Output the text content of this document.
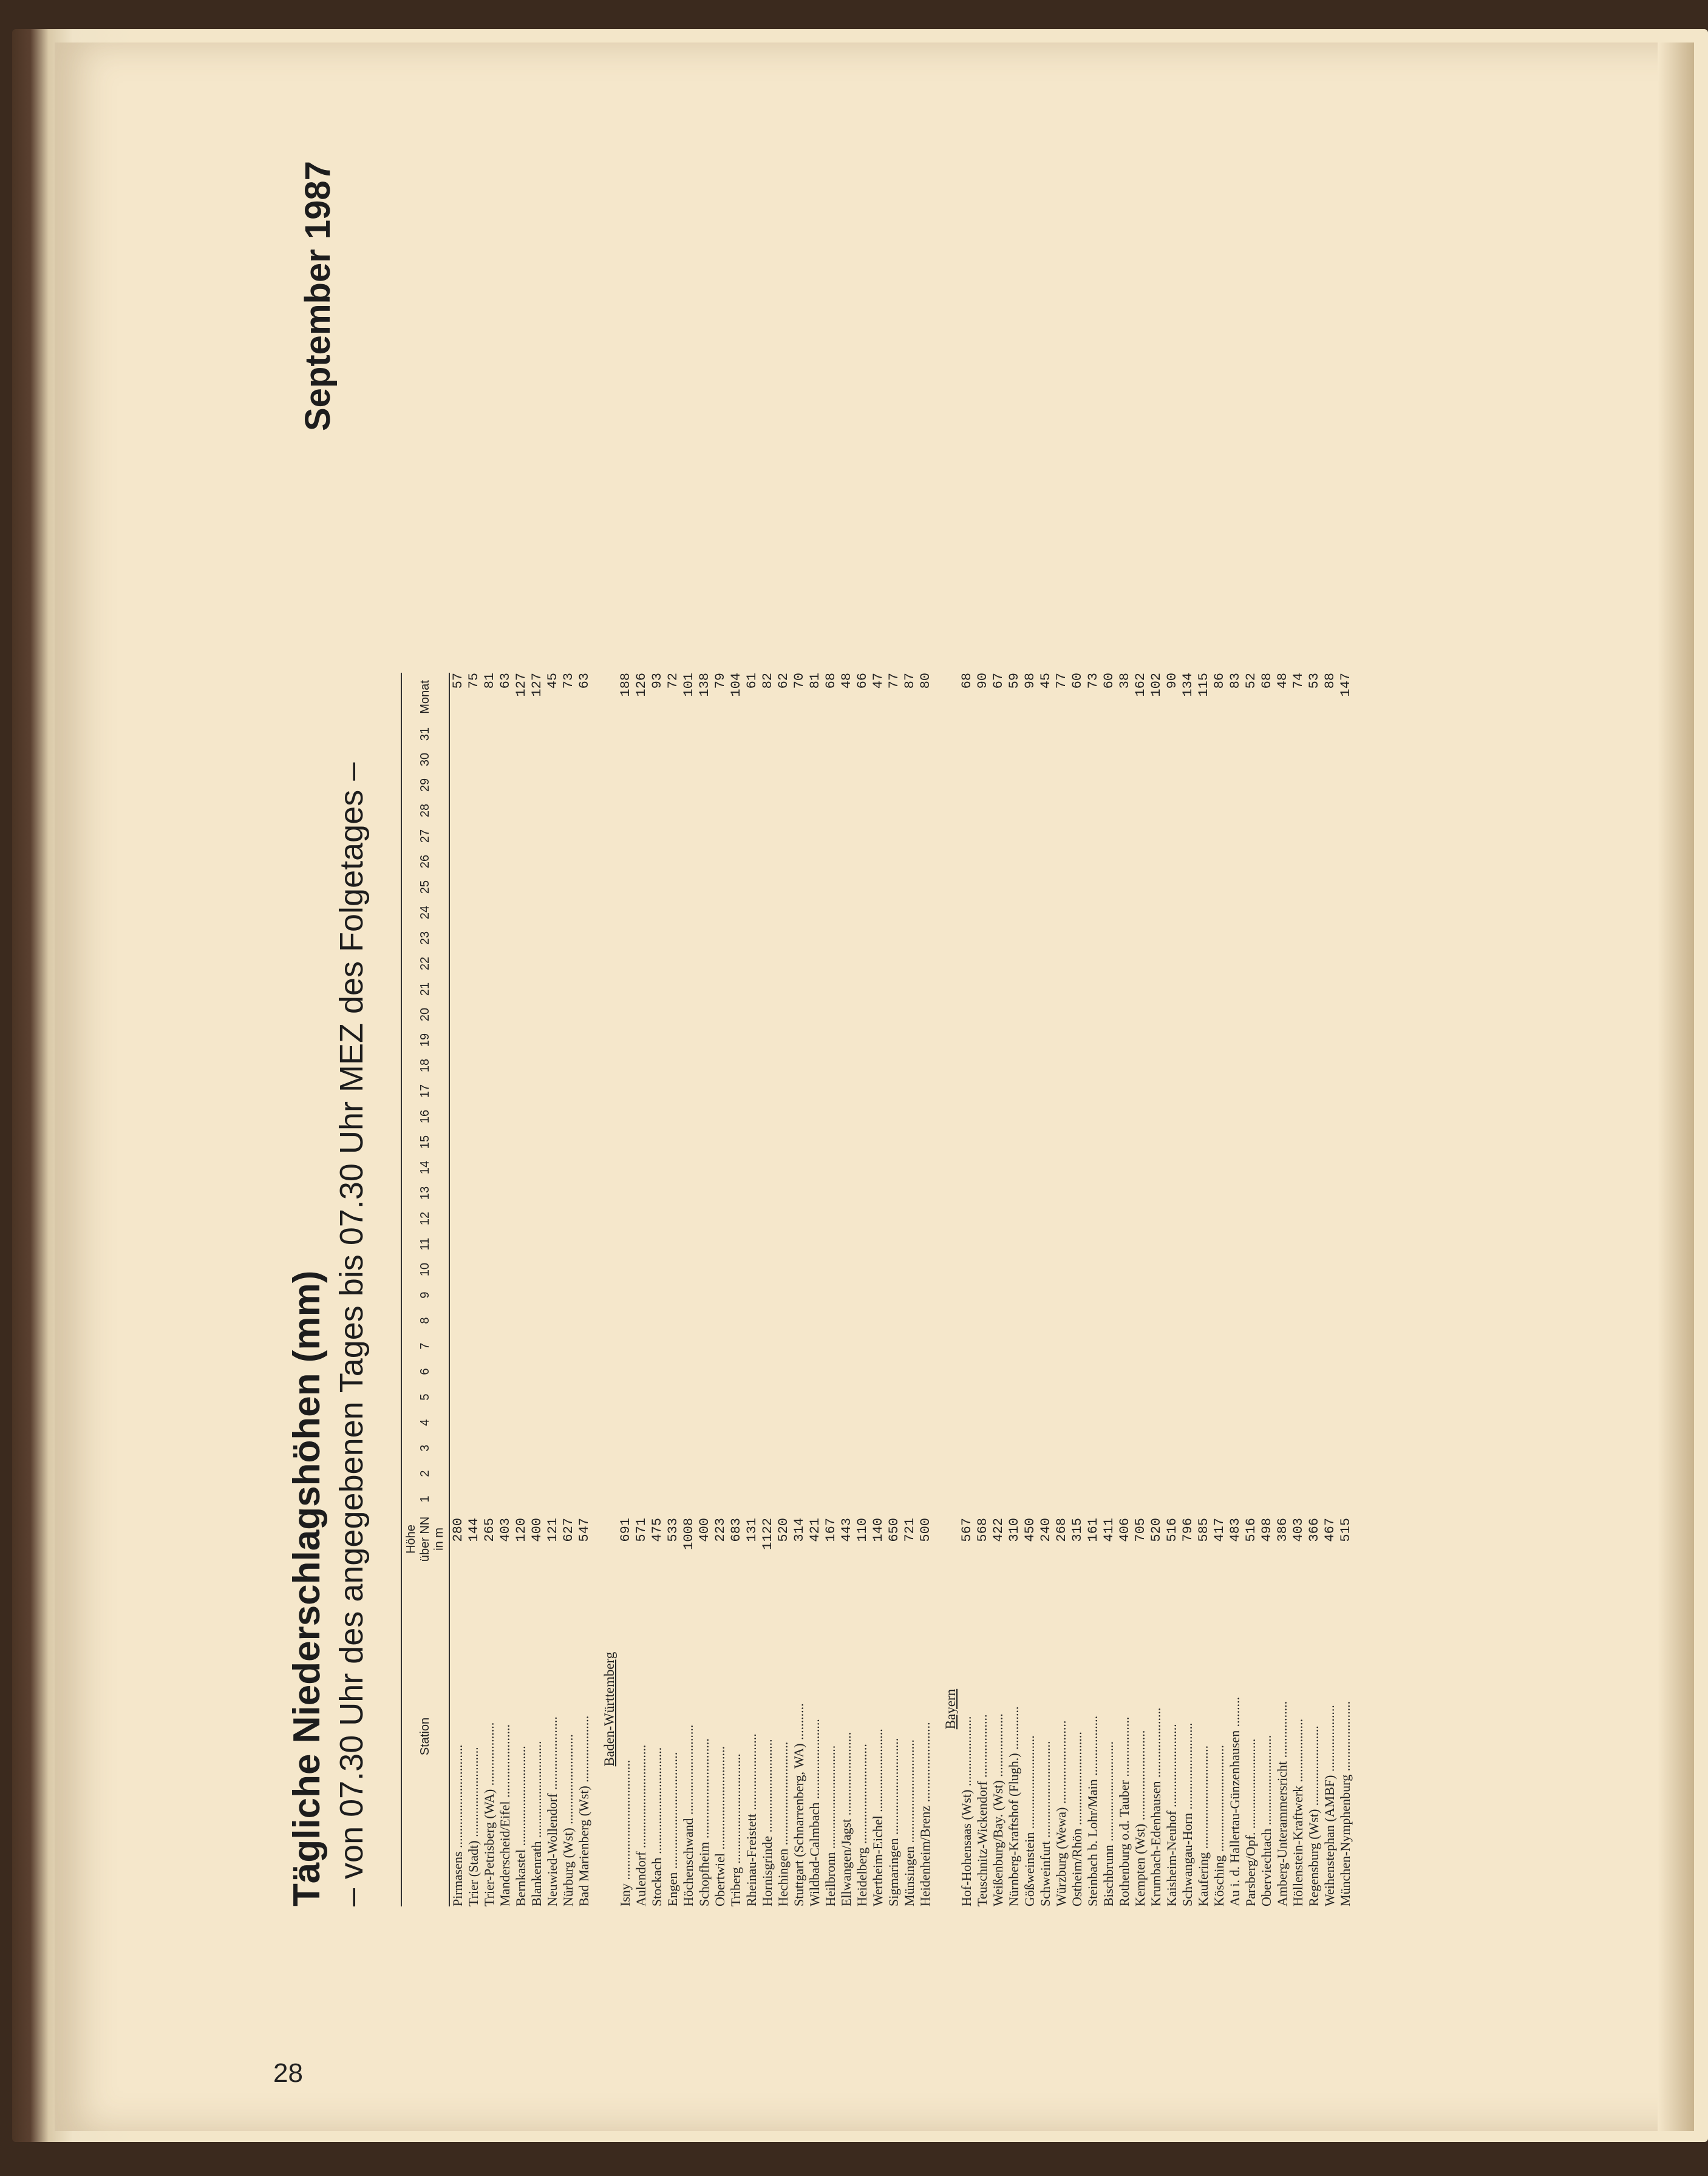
28
Tägliche Niederschlagshöhen (mm) – von 07.30 Uhr des angegebenen Tages bis 07.30 Uhr MEZ des Folgetages –
September 1987
Station	Höhe über NN in m	1	2	3	4	5	6	7	8	9	10	11	12	13	14	15	16	17	18	19	20	21	22	23	24	25	26	27	28	29	30	31	Monat
Pirmasens ...............................	280																																57
Trier (Stadt) ...........................	144																																75
Trier-Petrisberg (WA) ...................	265																																81
Manderscheid/Eifel ......................	403																																63
Bernkastel ..............................	120																																127
Blankenrath .............................	400																																127
Neuwied-Wollendorf ......................	121																																45
Nürburg (Wst) ...........................	627																																73
Bad Marienberg (Wst) ....................	547																																63
Baden-Württemberg																																	
Isny ....................................	691																																188
Aulendorf ...............................	571																																126
Stockach ................................	475																																93
Engen ...................................	533																																72
Höchenschwand ...........................	1008																																101
Schopfheim ..............................	400																																138
Obertwiel ...............................	223																																79
Triberg .................................	683																																104
Rheinau-Freistett .......................	131																																61
Hornisgrinde ............................	1122																																82
Hechingen ...............................	520																																62
Stuttgart (Schnarrenberg, WA) ...........	314																																70
Wildbad-Calmbach ........................	421																																81
Heilbronn ...............................	167																																68
Ellwangen/Jagst .........................	443																																48
Heidelberg ..............................	110																																66
Wertheim-Eichel .........................	140																																47
Sigmaringen .............................	650																																77
Münsingen ...............................	721																																87
Heidenheim/Brenz ........................	500																																80
Bayern																																	
Hof-Hohensaas (Wst) .....................	567																																68
Teuschnitz-Wickendorf ...................	568																																90
Weißenburg/Bay. (Wst) ...................	422																																67
Nürnberg-Kraftshof (Flugh.) .............	310																																59
Gößweinstein ............................	450																																98
Schweinfurt .............................	240																																45
Würzburg (Wewa) .........................	268																																77
Ostheim/Rhön ............................	315																																60
Steinbach b. Lohr/Main ..................	161																																73
Bischbrunn ..............................	411																																60
Rothenburg o.d. Tauber ..................	406																																38
Kempten (Wst) ...........................	705																																162
Krumbach-Edenhausen .....................	520																																102
Kaisheim-Neuhof .........................	516																																90
Schwangau-Horn ..........................	796																																134
Kaufering ...............................	585																																115
Kösching ................................	417																																86
Au i. d. Hallertau-Günzenhausen .........	483																																83
Parsberg/Opf. ...........................	516																																52
Oberviechtach ...........................	498																																68
Amberg-Unterammersricht .................	386																																48
Höllenstein-Kraftwerk ...................	403																																74
Regensburg (Wst) ........................	366																																53
Weihenstephan (AMBF) ....................	467																																88
München-Nymphenburg .....................	515																																147
